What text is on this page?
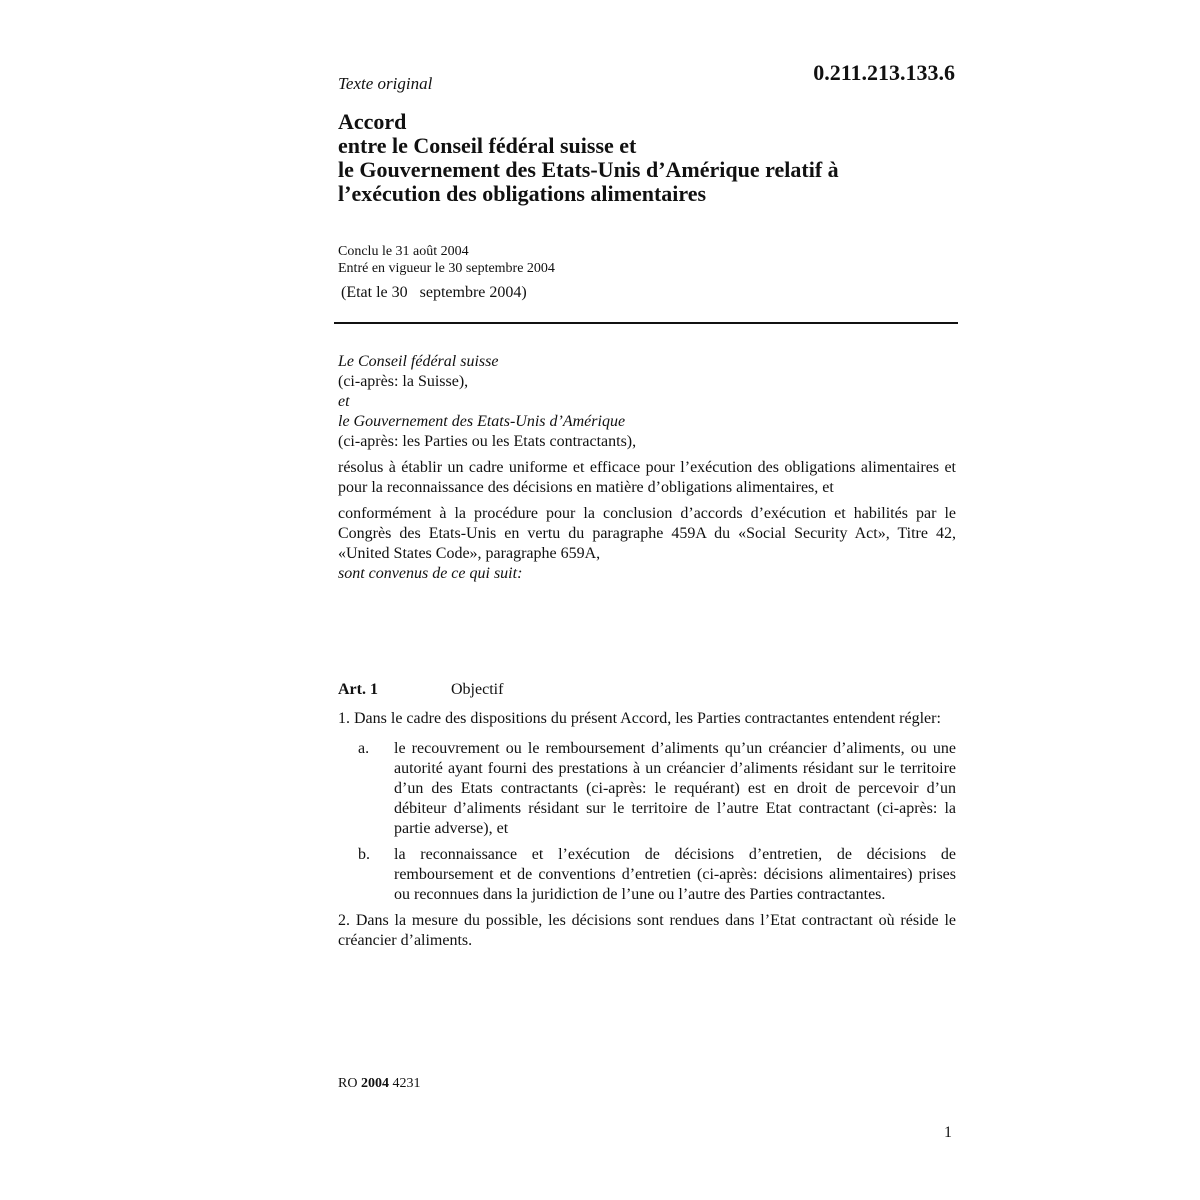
Texte original	0.211.213.133.6
Accord
entre le Conseil fédéral suisse et
le Gouvernement des Etats-Unis d’Amérique relatif à
l’exécution des obligations alimentaires
Conclu le 31 août 2004
Entré en vigueur le 30 septembre 2004
(Etat le 30   septembre 2004)
Le Conseil fédéral suisse
(ci-après: la Suisse),
et
le Gouvernement des Etats-Unis d’Amérique
(ci-après: les Parties ou les Etats contractants),
résolus à établir un cadre uniforme et efficace pour l’exécution des obligations alimentaires et pour la reconnaissance des décisions en matière d’obligations alimentaires, et
conformément à la procédure pour la conclusion d’accords d’exécution et habilités par le Congrès des Etats-Unis en vertu du paragraphe 459A du «Social Security Act», Titre 42, «United States Code», paragraphe 659A,
sont convenus de ce qui suit:
Art. 1	Objectif
1. Dans le cadre des dispositions du présent Accord, les Parties contractantes entendent régler:
a. le recouvrement ou le remboursement d’aliments qu’un créancier d’aliments, ou une autorité ayant fourni des prestations à un créancier d’aliments résidant sur le territoire d’un des Etats contractants (ci-après: le requérant) est en droit de percevoir d’un débiteur d’aliments résidant sur le territoire de l’autre Etat contractant (ci-après: la partie adverse), et
b. la reconnaissance et l’exécution de décisions d’entretien, de décisions de remboursement et de conventions d’entretien (ci-après: décisions alimentaires) prises ou reconnues dans la juridiction de l’une ou l’autre des Parties contractantes.
2. Dans la mesure du possible, les décisions sont rendues dans l’Etat contractant où réside le créancier d’aliments.
RO 2004 4231
1
